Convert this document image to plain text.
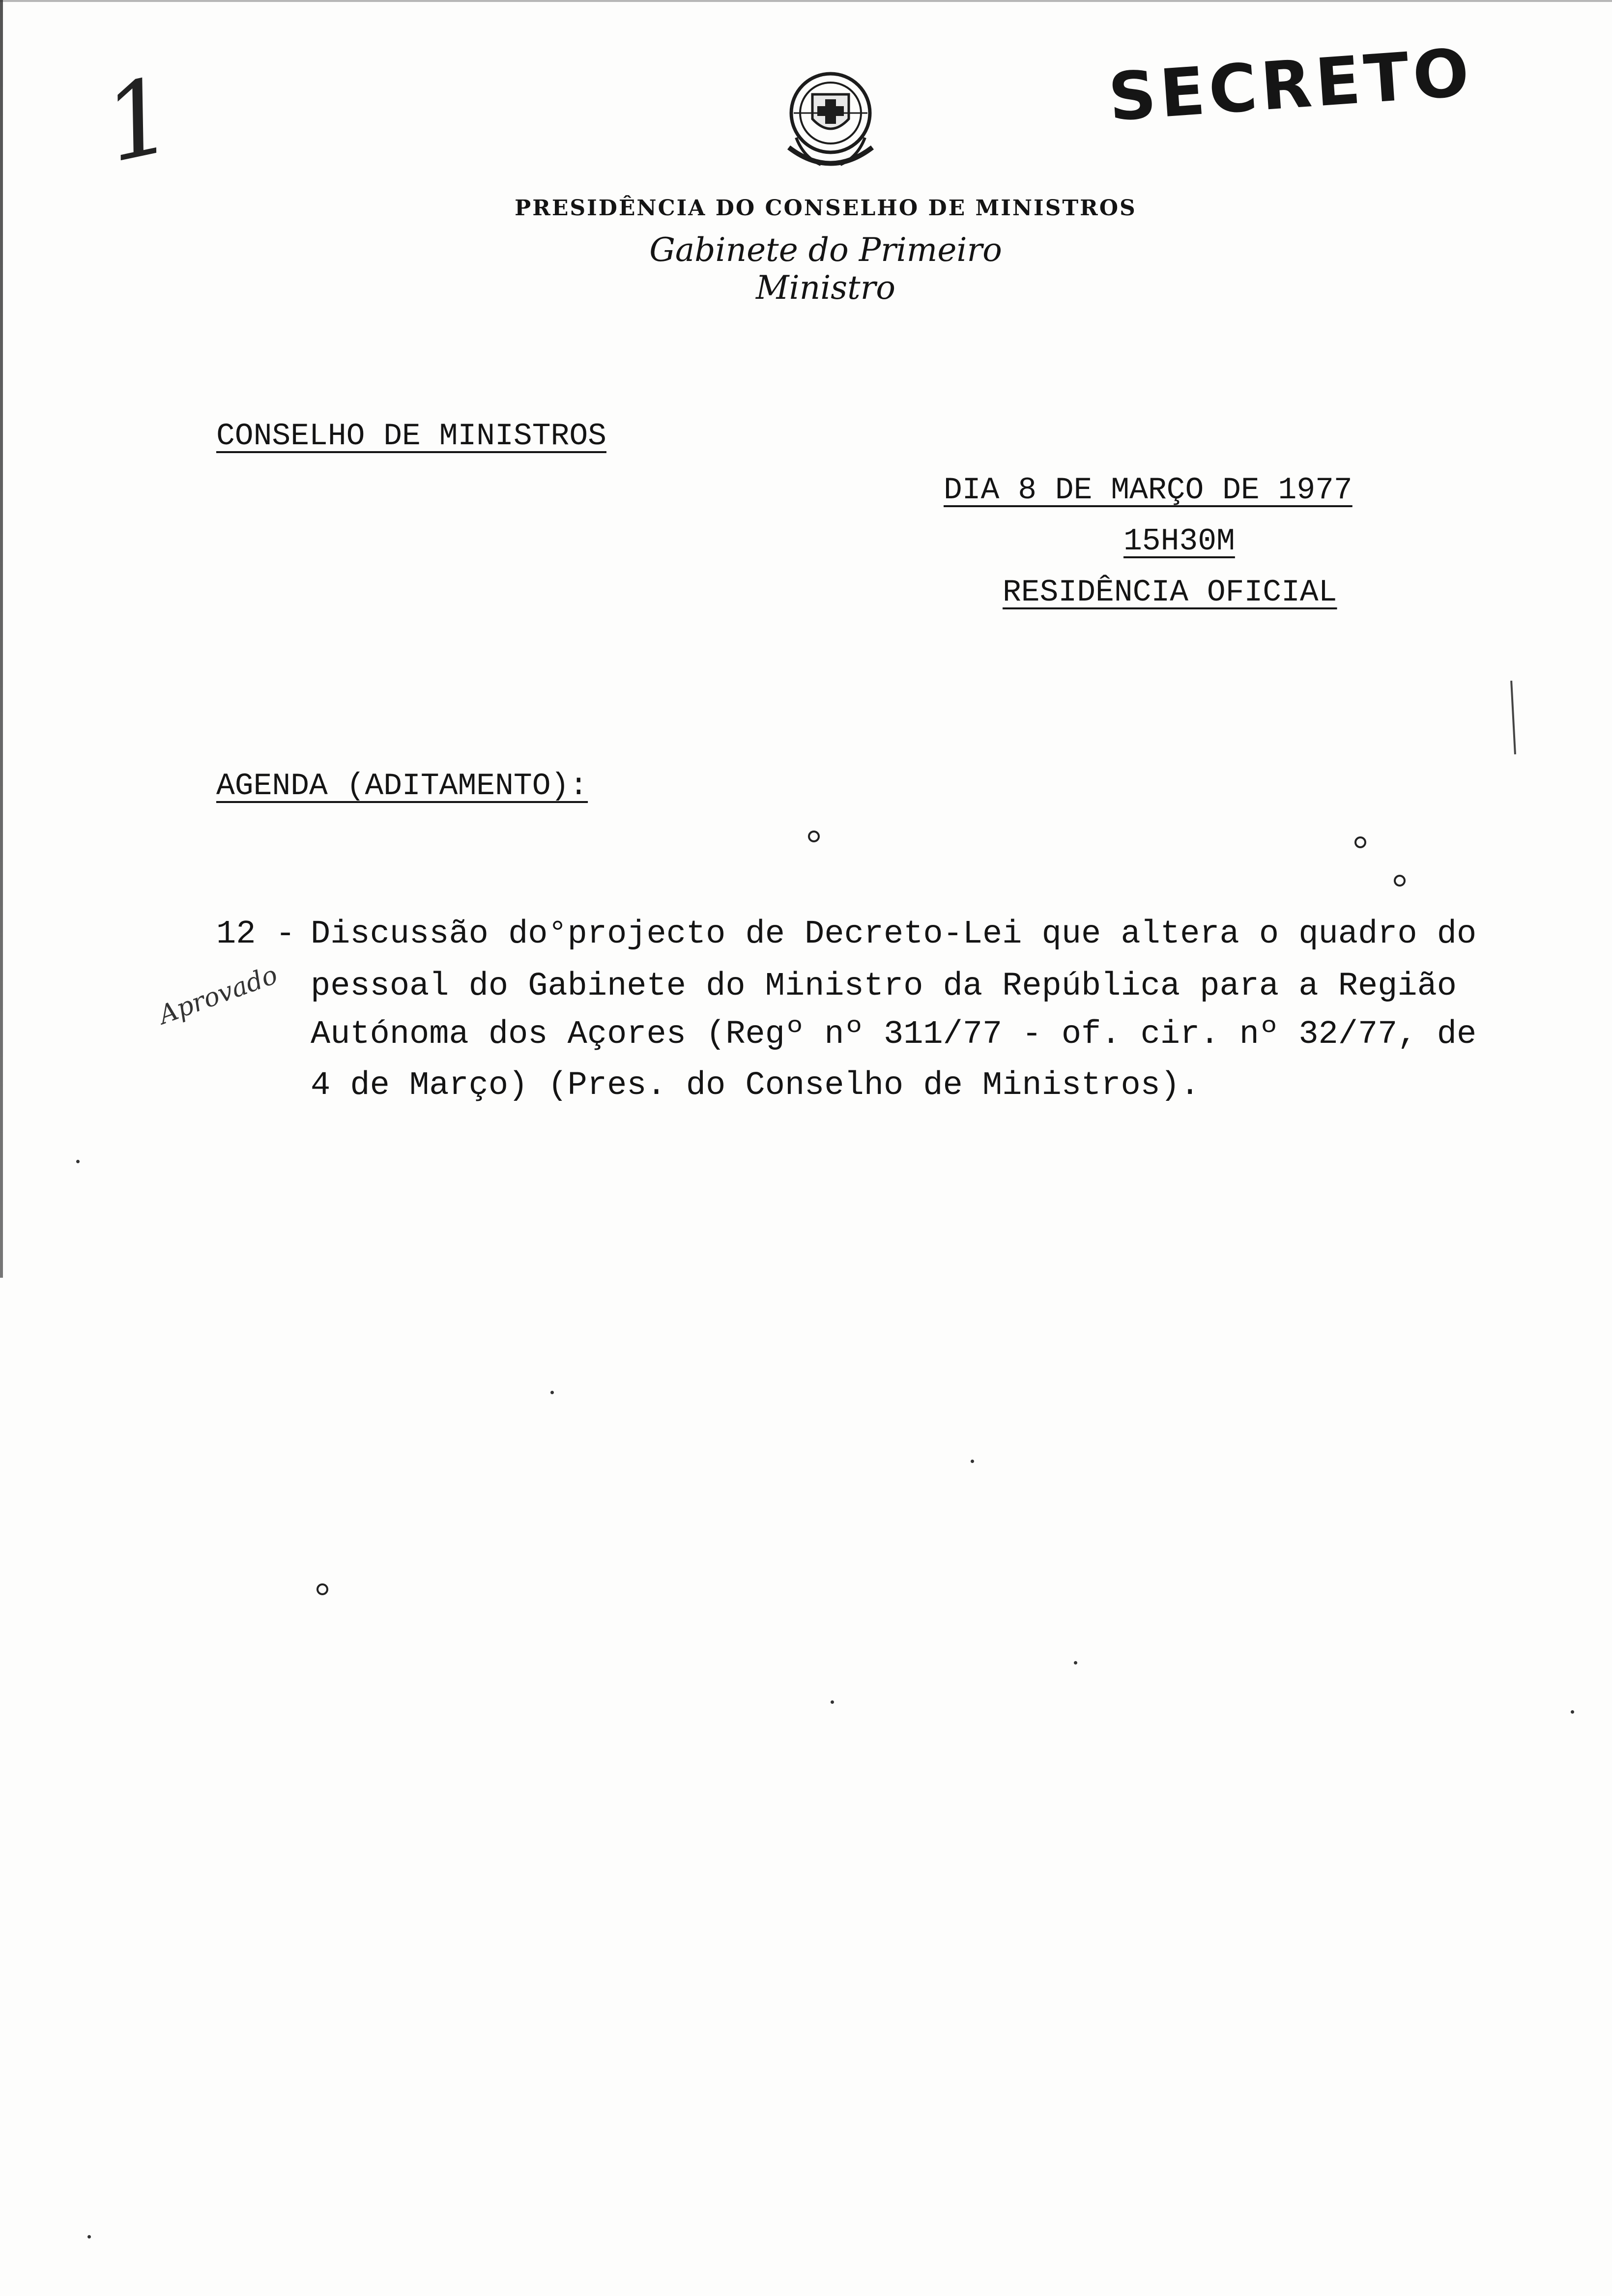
1	SECRETO
PRESIDÊNCIA DO CONSELHO DE MINISTROS
Gabinete do Primeiro Ministro
CONSELHO DE MINISTROS
DIA 8 DE MARÇO DE 1977
15H30M
RESIDÊNCIA OFICIAL
AGENDA (ADITAMENTO):
12 - Discussão do°projecto de Decreto-Lei que altera o quadro do
pessoal do Gabinete do Ministro da República para a Região
Autónoma dos Açores (Regº nº 311/77 - of. cir. nº 32/77, de
4 de Março) (Pres. do Conselho de Ministros).
Aprovado
